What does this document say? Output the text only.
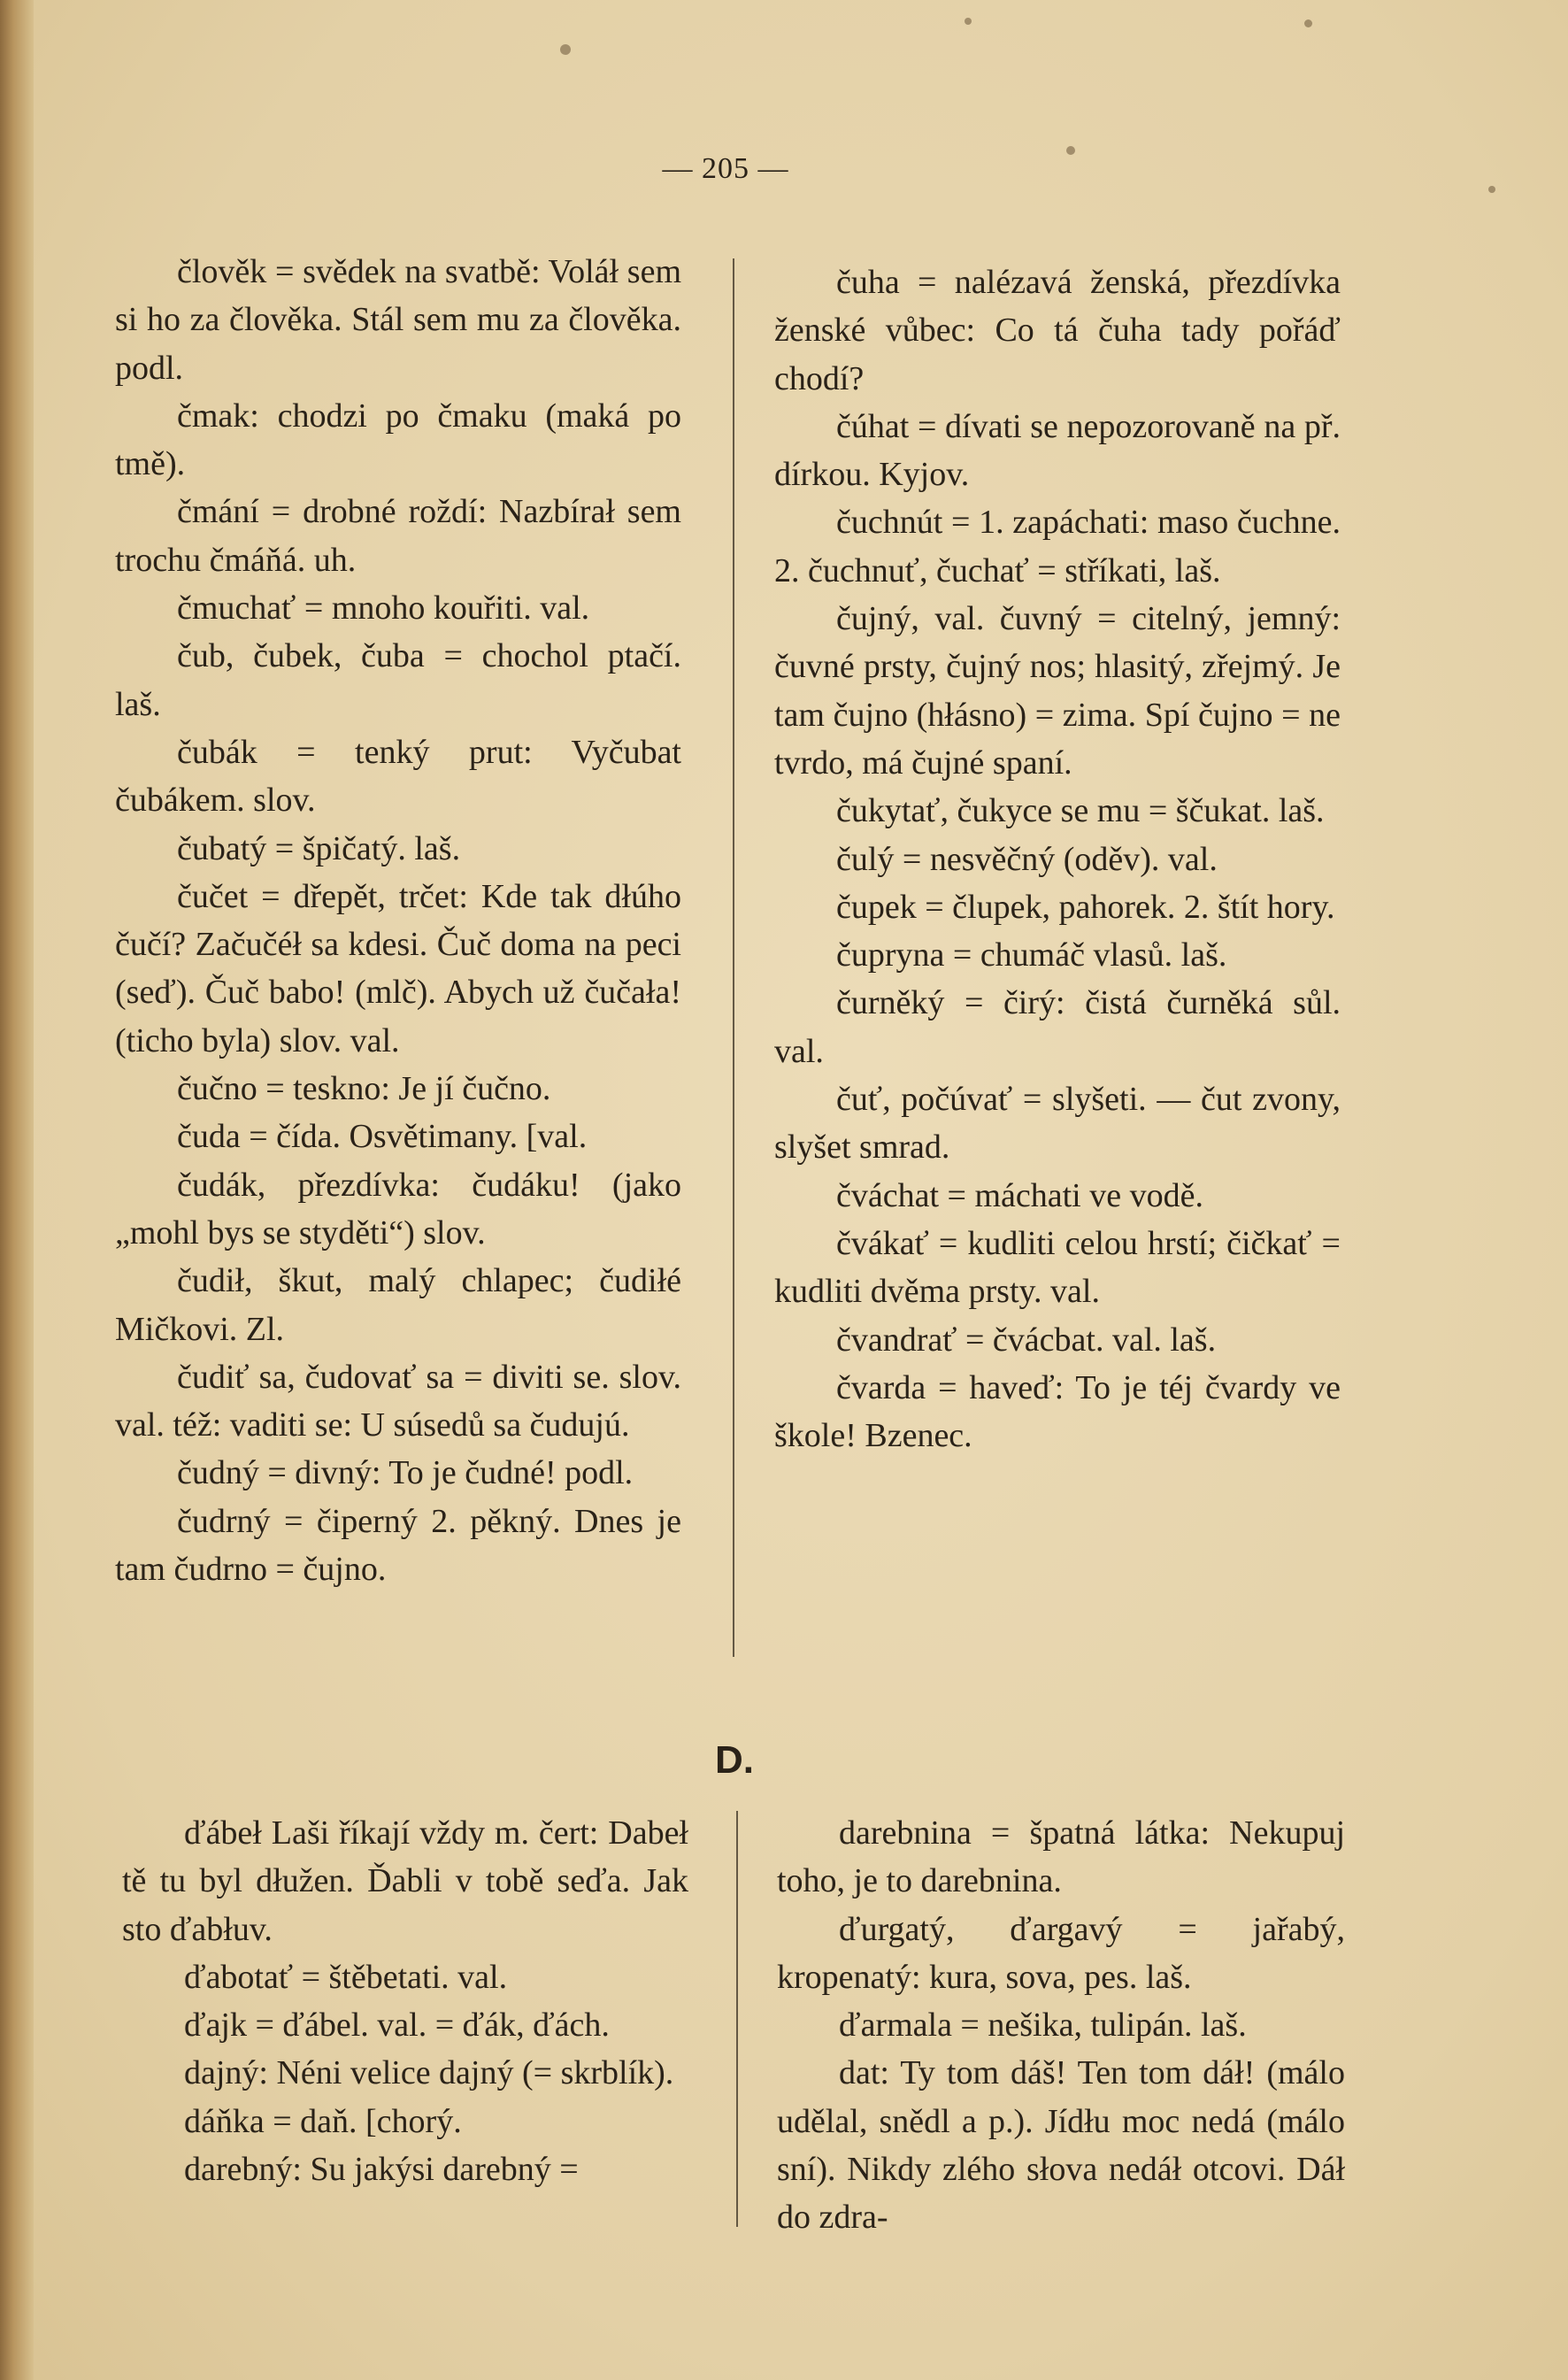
— 205 —

člověk = svědek na svatbě: Voláł sem si ho za člověka. Stál sem mu za člověka. podl.

čmak: chodzi po čmaku (maká po tmě).

čmání = drobné roždí: Nazbírał sem trochu čmáňá. uh.

čmuchať = mnoho kouřiti. val.

čub, čubek, čuba = chochol ptačí. laš.

čubák = tenký prut: Vyčubat čubákem. slov.

čubatý = špičatý. laš.

čučet = dřepět, trčet: Kde tak dłúho čučí? Začučéł sa kdesi. Čuč doma na peci (seď). Čuč babo! (mlč). Abych už čučała! (ticho byla) slov. val.

čučno = teskno: Je jí čučno.

čuda = čída. Osvětimany. [val.

čudák, přezdívka: čudáku! (jako „mohl bys se styděti“) slov.

čudił, škut, malý chlapec; čudiłé Mičkovi. Zl.

čudiť sa, čudovať sa = diviti se. slov. val. též: vaditi se: U súsedů sa čudujú.

čudný = divný: To je čudné! podl.

čudrný = čiperný 2. pěkný. Dnes je tam čudrno = čujno.

čuha = nalézavá ženská, přezdívka ženské vůbec: Co tá čuha tady pořáď chodí?

čúhat = dívati se nepozorovaně na př. dírkou. Kyjov.

čuchnút = 1. zapáchati: maso čuchne. 2. čuchnuť, čuchať = stříkati, laš.

čujný, val. čuvný = citelný, jemný: čuvné prsty, čujný nos; hlasitý, zřejmý. Je tam čujno (hłásno) = zima. Spí čujno = ne tvrdo, má čujné spaní.

čukytať, čukyce se mu = ščukat. laš.

čulý = nesvěčný (oděv). val.

čupek = člupek, pahorek. 2. štít hory.

čupryna = chumáč vlasů. laš.

čurněký = čirý: čistá čurněká sůl. val.

čuť, počúvať = slyšeti. — čut zvony, slyšet smrad.

čváchat = máchati ve vodě.

čvákať = kudliti celou hrstí; čičkať = kudliti dvěma prsty. val.

čvandrať = čvácbat. val. laš.

čvarda = haveď: To je téj čvardy ve škole! Bzenec.

D.

ďábeł Laši říkají vždy m. čert: Dabeł tě tu byl dłužen. Ďabli v tobě seďa. Jak sto ďabłuv.

ďabotať = štěbetati. val.

ďajk = ďábel. val. = ďák, ďách.

dajný: Néni velice dajný (= skrblík).

dáňka = daň. [chorý.

darebný: Su jakýsi darebný =

darebnina = špatná látka: Nekupuj toho, je to darebnina.

ďurgatý, ďargavý = jařabý, kropenatý: kura, sova, pes. laš.

ďarmala = nešika, tulipán. laš.

dat: Ty tom dáš! Ten tom dáł! (málo udělal, snědl a p.). Jídłu moc nedá (málo sní). Nikdy zlého słova nedáł otcovi. Dáł do zdra-
